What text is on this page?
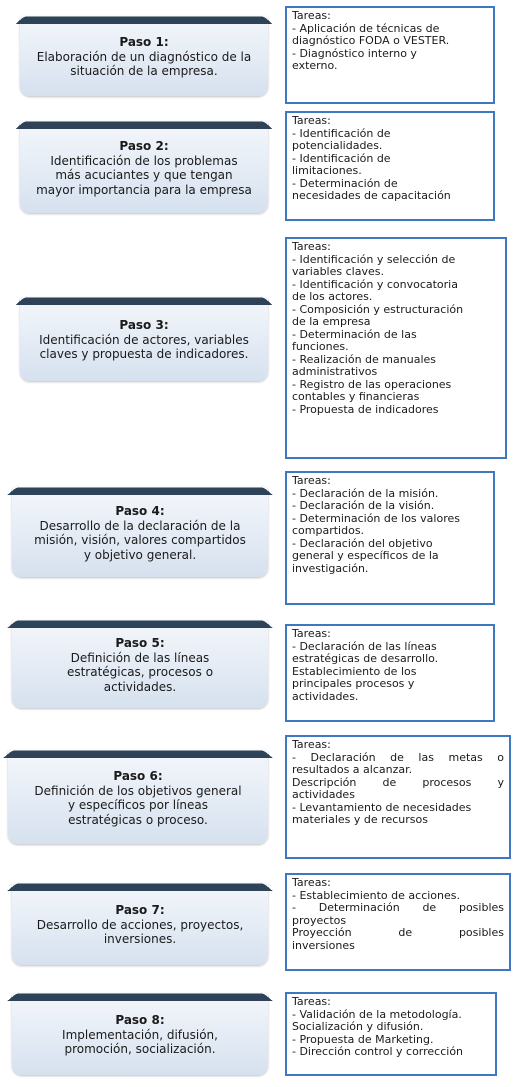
Paso 1:
Elaboración de un diagnóstico de la
situación de la empresa.
Paso 2:
Identificación de los problemas
más acuciantes y que tengan
mayor importancia para la empresa
Paso 3:
Identificación de actores, variables
claves y propuesta de indicadores.
Paso 4:
Desarrollo de la declaración de la
misión, visión, valores compartidos
y objetivo general.
Paso 5:
Definición de las líneas
estratégicas, procesos o
actividades.
Paso 6:
Definición de los objetivos general
y específicos por líneas
estratégicas o proceso.
Paso 7:
Desarrollo de acciones, proyectos,
inversiones.
Paso 8:
Implementación, difusión,
promoción, socialización.
Tareas:
- Aplicación de técnicas de
diagnóstico FODA o VESTER.
- Diagnóstico interno y
externo.
Tareas:
- Identificación de
potencialidades.
- Identificación de
limitaciones.
- Determinación de
necesidades de capacitación
Tareas:
- Identificación y selección de
variables claves.
- Identificación y convocatoria
de los actores.
- Composición y estructuración
de la empresa
- Determinación de las
funciones.
- Realización de manuales
administrativos
- Registro de las operaciones
contables y financieras
- Propuesta de indicadores
Tareas:
- Declaración de la misión.
- Declaración de la visión.
- Determinación de los valores
compartidos.
- Declaración del objetivo
general y específicos de la
investigación.
Tareas:
- Declaración de las líneas
estratégicas de desarrollo.
Establecimiento de los
principales procesos y
actividades.
Tareas:
- Declaración de las metas o
resultados a alcanzar.
Descripción de procesos y
actividades
- Levantamiento de necesidades
materiales y de recursos
Tareas:
- Establecimiento de acciones.
- Determinación de posibles
proyectos
Proyección de posibles
inversiones
Tareas:
- Validación de la metodología.
Socialización y difusión.
- Propuesta de Marketing.
- Dirección control y corrección
